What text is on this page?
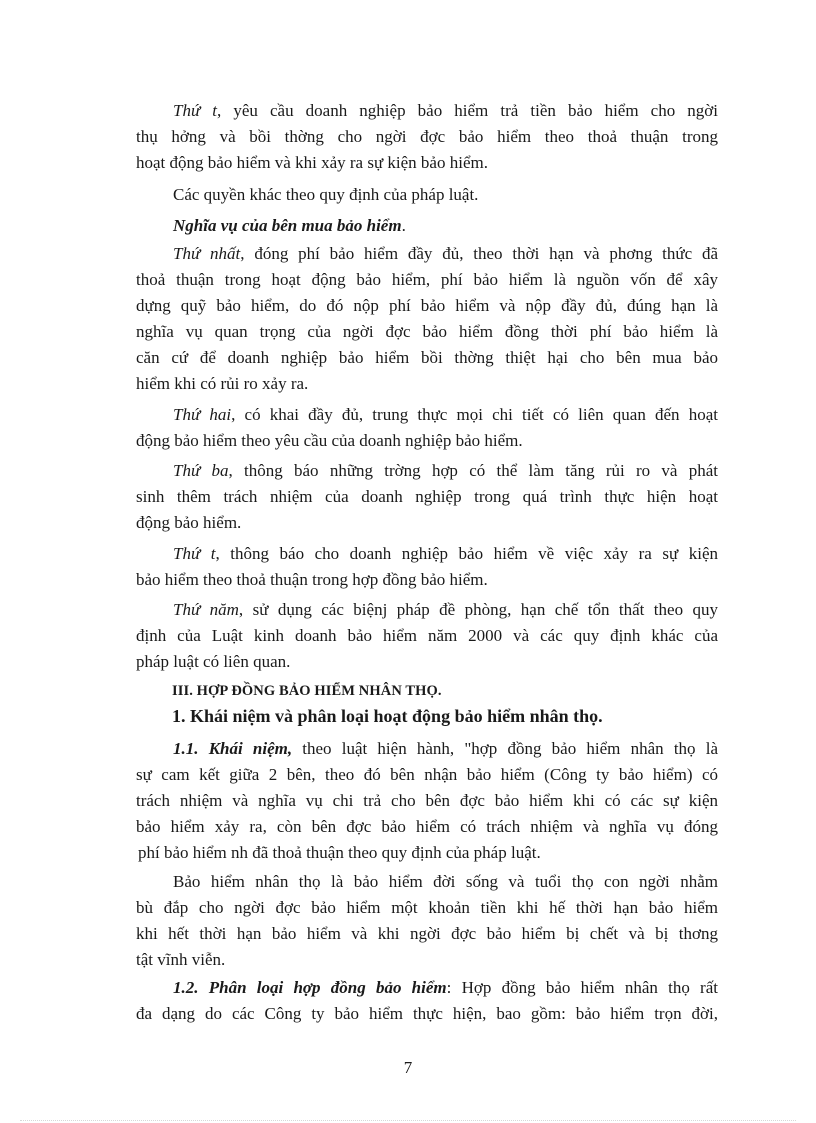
Thứ t, yêu cầu doanh nghiệp bảo hiểm trả tiền bảo hiểm cho ngời
thụ hởng và bồi thờng cho ngời đợc bảo hiểm theo thoả thuận trong
hoạt động bảo hiểm và khi xảy ra sự kiện bảo hiểm.
Các quyền khác theo quy định của pháp luật.
Nghĩa vụ của bên mua bảo hiểm.
Thứ nhất, đóng phí bảo hiểm đầy đủ, theo thời hạn và phơng thức đã
thoả thuận trong hoạt động bảo hiểm, phí bảo hiểm là nguồn vốn để xây
dựng quỹ bảo hiểm, do đó nộp phí bảo hiểm và nộp đầy đủ, đúng hạn là
nghĩa vụ quan trọng của ngời đợc bảo hiểm đồng thời phí bảo hiểm là
căn cứ để doanh nghiệp bảo hiểm bồi thờng thiệt hại cho bên mua bảo
hiểm khi có rủi ro xảy ra.
Thứ hai, có khai đầy đủ, trung thực mọi chi tiết có liên quan đến hoạt
động bảo hiểm theo yêu cầu của doanh nghiệp bảo hiểm.
Thứ ba, thông báo những trờng hợp có thể làm tăng rủi ro và phát
sinh thêm trách nhiệm của doanh nghiệp trong quá trình thực hiện hoạt
động bảo hiểm.
Thứ t, thông báo cho doanh nghiệp bảo hiểm về việc xảy ra sự kiện
bảo hiểm theo thoả thuận trong hợp đồng bảo hiểm.
Thứ năm, sử dụng các biệnj pháp đề phòng, hạn chế tổn thất theo quy
định của Luật kinh doanh bảo hiểm năm 2000 và các quy định khác của
pháp luật có liên quan.
III. HỢP ĐỒNG BẢO HIỂM NHÂN THỌ.
1. Khái niệm và phân loại hoạt động bảo hiểm nhân thọ.
1.1. Khái niệm, theo luật hiện hành, "hợp đồng bảo hiểm nhân thọ là
sự cam kết giữa 2 bên, theo đó bên nhận bảo hiểm (Công ty bảo hiểm) có
trách nhiệm và nghĩa vụ chi trả cho bên đợc bảo hiểm khi có các sự kiện
bảo hiểm xảy ra, còn bên đợc bảo hiểm có trách nhiệm và nghĩa vụ đóng
phí bảo hiểm nh đã thoả thuận theo quy định của pháp luật.
Bảo hiểm nhân thọ là bảo hiểm đời sống và tuổi thọ con ngời nhằm
bù đắp cho ngời đợc bảo hiểm một khoản tiền khi hế thời hạn bảo hiểm
khi hết thời hạn bảo hiểm và khi ngời đợc bảo hiểm bị chết và bị thơng
tật vĩnh viễn.
1.2. Phân loại hợp đồng bảo hiểm: Hợp đồng bảo hiểm nhân thọ rất
đa dạng do các Công ty bảo hiểm thực hiện, bao gồm: bảo hiểm trọn đời,
7
